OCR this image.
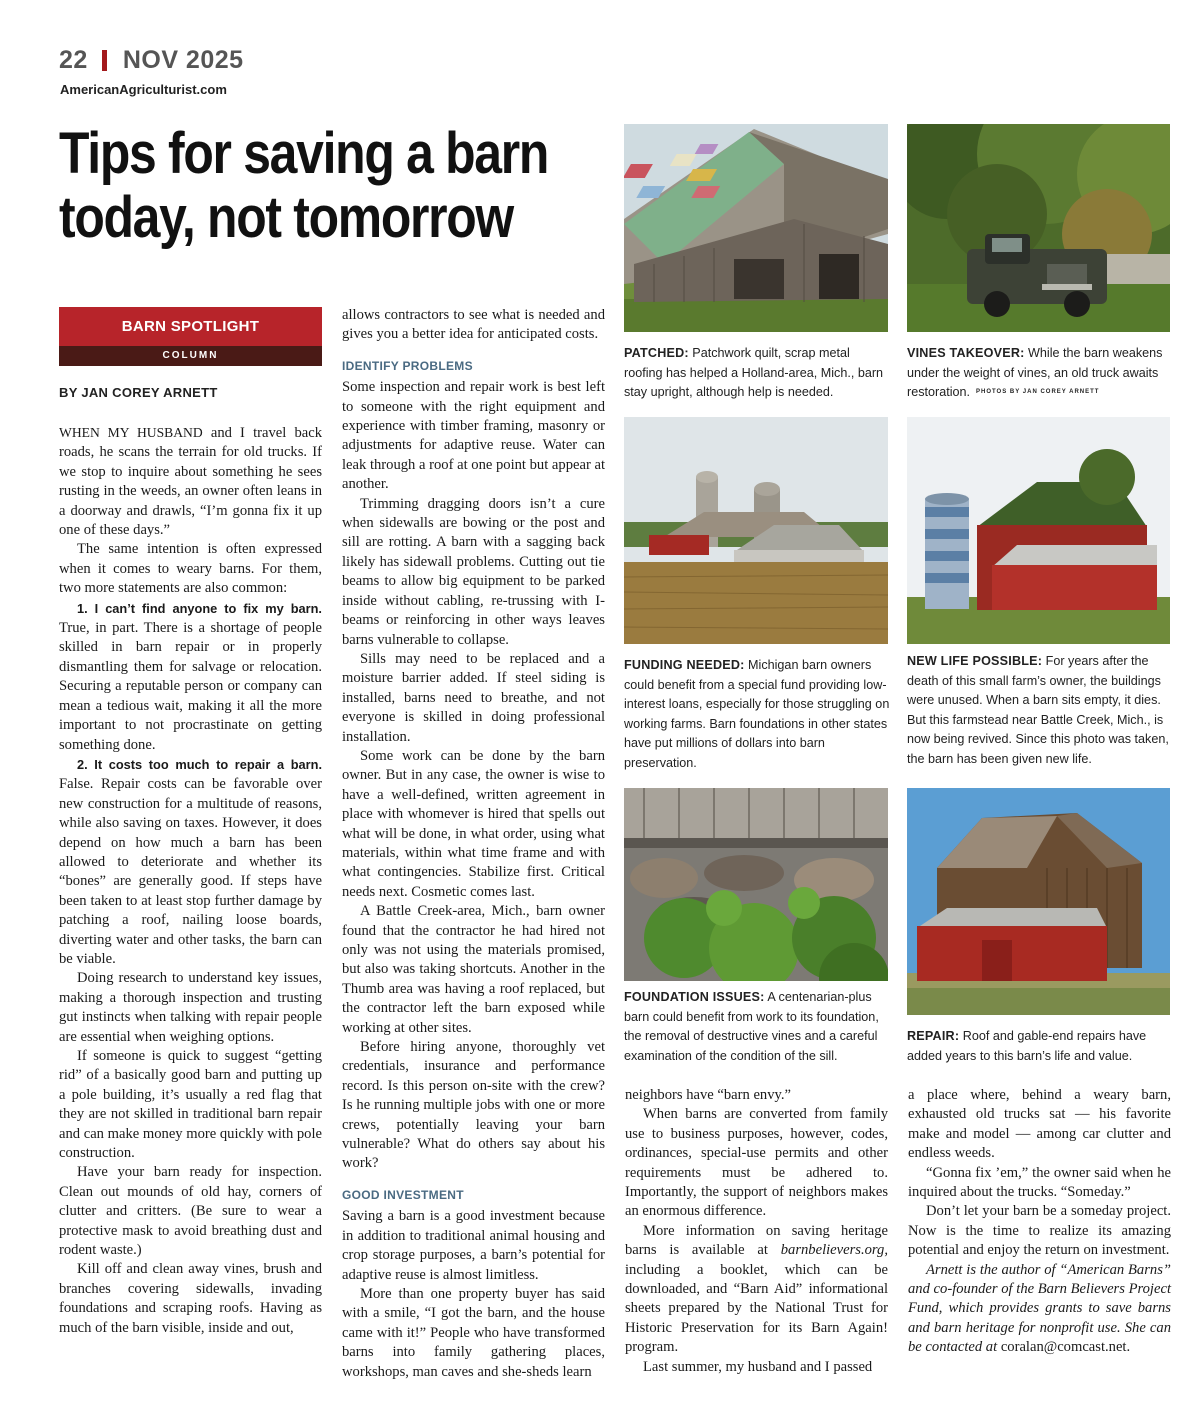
22 NOV 2025
AmericanAgriculturist.com
Tips for saving a barn
today, not tomorrow
BARN SPOTLIGHT
COLUMN
BY JAN COREY ARNETT

WHEN MY HUSBAND and I travel back roads, he scans the terrain for old trucks. If we stop to inquire about something he sees rusting in the weeds, an owner often leans in a doorway and drawls, “I’m gonna fix it up one of these days.”

The same intention is often expressed when it comes to weary barns. For them, two more statements are also common:

1. I can’t find anyone to fix my barn. True, in part. There is a shortage of people skilled in barn repair or in properly dismantling them for salvage or relocation. Securing a reputable person or company can mean a tedious wait, making it all the more important to not procrastinate on getting something done.

2. It costs too much to repair a barn. False. Repair costs can be favorable over new construction for a multitude of reasons, while also saving on taxes. However, it does depend on how much a barn has been allowed to deteriorate and whether its “bones” are generally good. If steps have been taken to at least stop further damage by patching a roof, nailing loose boards, diverting water and other tasks, the barn can be viable.

Doing research to understand key issues, making a thorough inspection and trusting gut instincts when talking with repair people are essential when weighing options.

If someone is quick to suggest “getting rid” of a basically good barn and putting up a pole building, it’s usually a red flag that they are not skilled in traditional barn repair and can make money more quickly with pole construction.

Have your barn ready for inspection. Clean out mounds of old hay, corners of clutter and critters. (Be sure to wear a protective mask to avoid breathing dust and rodent waste.)

Kill off and clean away vines, brush and branches covering sidewalls, invading foundations and scraping roofs. Having as much of the barn visible, inside and out,

allows contractors to see what is needed and gives you a better idea for anticipated costs.

IDENTIFY PROBLEMS

Some inspection and repair work is best left to someone with the right equipment and experience with timber framing, masonry or adjustments for adaptive reuse. Water can leak through a roof at one point but appear at another.

Trimming dragging doors isn’t a cure when sidewalls are bowing or the post and sill are rotting. A barn with a sagging back likely has sidewall problems. Cutting out tie beams to allow big equipment to be parked inside without cabling, re-trussing with I-beams or reinforcing in other ways leaves barns vulnerable to collapse.

Sills may need to be replaced and a moisture barrier added. If steel siding is installed, barns need to breathe, and not everyone is skilled in doing professional installation.

Some work can be done by the barn owner. But in any case, the owner is wise to have a well-defined, written agreement in place with whomever is hired that spells out what will be done, in what order, using what materials, within what time frame and with what contingencies. Stabilize first. Critical needs next. Cosmetic comes last.

A Battle Creek-area, Mich., barn owner found that the contractor he had hired not only was not using the materials promised, but also was taking shortcuts. Another in the Thumb area was having a roof replaced, but the contractor left the barn exposed while working at other sites.

Before hiring anyone, thoroughly vet credentials, insurance and performance record. Is this person on-site with the crew? Is he running multiple jobs with one or more crews, potentially leaving your barn vulnerable? What do others say about his work?

GOOD INVESTMENT

Saving a barn is a good investment because in addition to traditional animal housing and crop storage purposes, a barn’s potential for adaptive reuse is almost limitless.

More than one property buyer has said with a smile, “I got the barn, and the house came with it!” People who have transformed barns into family gathering places, workshops, man caves and she-sheds learn

neighbors have “barn envy.”

When barns are converted from family use to business purposes, however, codes, ordinances, special-use permits and other requirements must be adhered to. Importantly, the support of neighbors makes an enormous difference.

More information on saving heritage barns is available at barnbelievers.org, including a booklet, which can be downloaded, and “Barn Aid” informational sheets prepared by the National Trust for Historic Preservation for its Barn Again! program.

Last summer, my husband and I passed

a place where, behind a weary barn, exhausted old trucks sat — his favorite make and model — among car clutter and endless weeds.

“Gonna fix ’em,” the owner said when he inquired about the trucks. “Someday.”

Don’t let your barn be a someday project. Now is the time to realize its amazing potential and enjoy the return on investment.

Arnett is the author of “American Barns” and co-founder of the Barn Believers Project Fund, which provides grants to save barns and barn heritage for nonprofit use. She can be contacted at coralan@comcast.net.

PATCHED: Patchwork quilt, scrap metal roofing has helped a Holland-area, Mich., barn stay upright, although help is needed.
VINES TAKEOVER: While the barn weakens under the weight of vines, an old truck awaits restoration. PHOTOS BY JAN COREY ARNETT
FUNDING NEEDED: Michigan barn owners could benefit from a special fund providing low-interest loans, especially for those struggling on working farms. Barn foundations in other states have put millions of dollars into barn preservation.
NEW LIFE POSSIBLE: For years after the death of this small farm’s owner, the buildings were unused. When a barn sits empty, it dies. But this farmstead near Battle Creek, Mich., is now being revived. Since this photo was taken, the barn has been given new life.
FOUNDATION ISSUES: A centenarian-plus barn could benefit from work to its foundation, the removal of destructive vines and a careful examination of the condition of the sill.
REPAIR: Roof and gable-end repairs have added years to this barn’s life and value.
